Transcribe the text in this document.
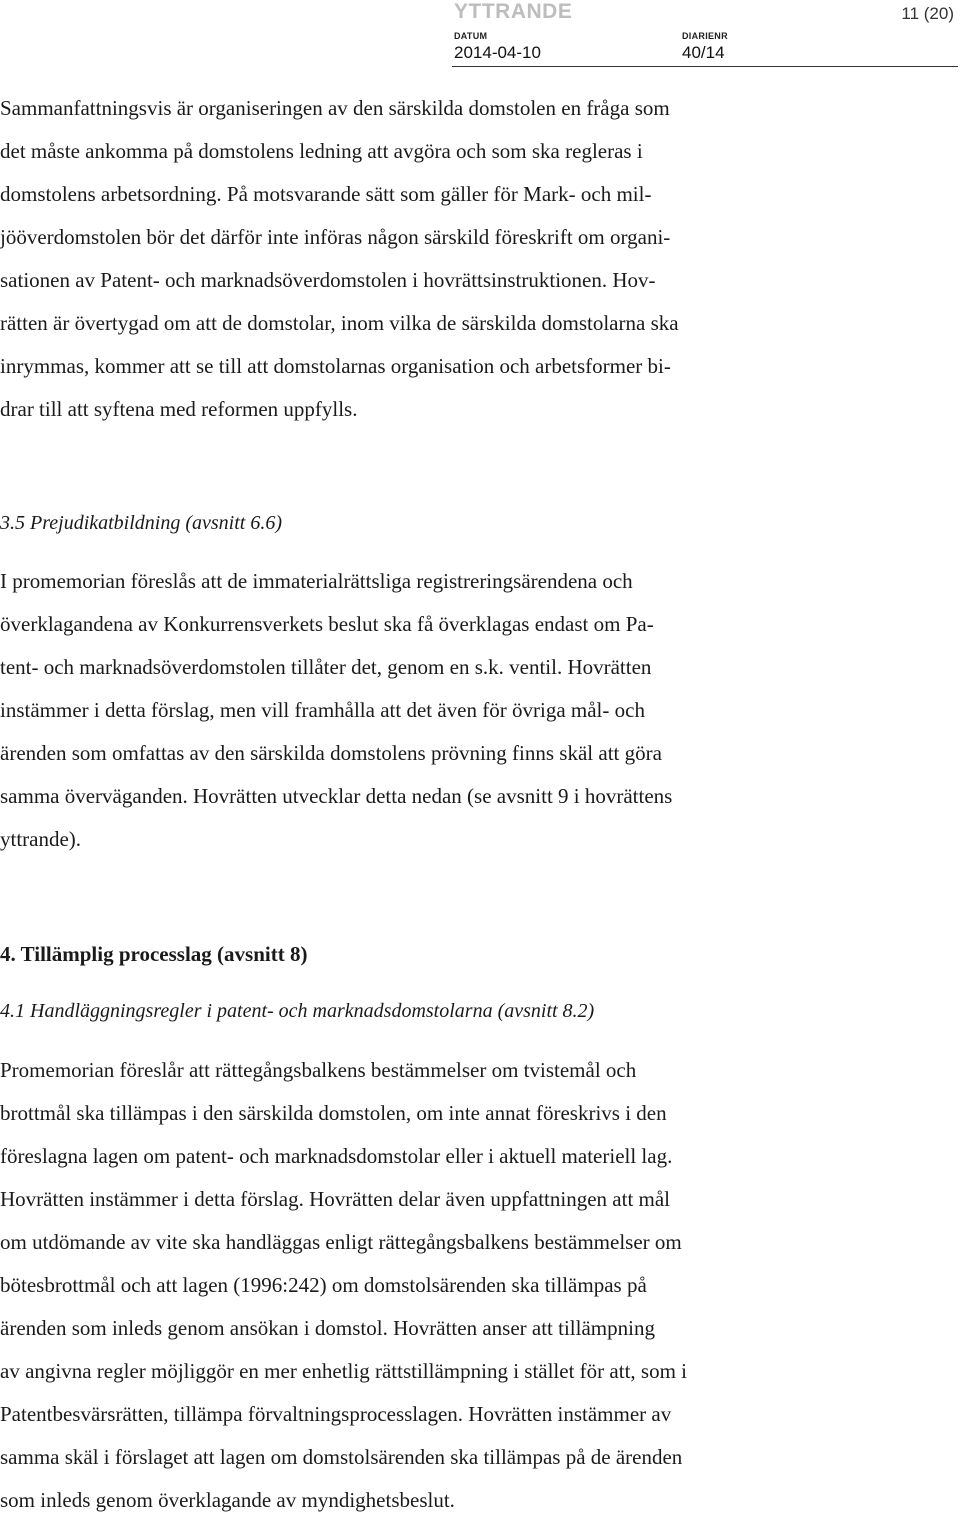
YTTRANDE	11 (20)
DATUM
2014-04-10
DIARIENR
40/14
Sammanfattningsvis är organiseringen av den särskilda domstolen en fråga som
det måste ankomma på domstolens ledning att avgöra och som ska regleras i
domstolens arbetsordning. På motsvarande sätt som gäller för Mark- och mil-
jööverdomstolen bör det därför inte införas någon särskild föreskrift om organi-
sationen av Patent- och marknadsöverdomstolen i hovrättsinstruktionen. Hov-
rätten är övertygad om att de domstolar, inom vilka de särskilda domstolarna ska
inrymmas, kommer att se till att domstolarnas organisation och arbetsformer bi-
drar till att syftena med reformen uppfylls.
3.5 Prejudikatbildning (avsnitt 6.6)
I promemorian föreslås att de immaterialrättsliga registreringsärendena och
överklagandena av Konkurrensverkets beslut ska få överklagas endast om Pa-
tent- och marknadsöverdomstolen tillåter det, genom en s.k. ventil. Hovrätten
instämmer i detta förslag, men vill framhålla att det även för övriga mål- och
ärenden som omfattas av den särskilda domstolens prövning finns skäl att göra
samma överväganden. Hovrätten utvecklar detta nedan (se avsnitt 9 i hovrättens
yttrande).
4. Tillämplig processlag (avsnitt 8)
4.1 Handläggningsregler i patent- och marknadsdomstolarna (avsnitt 8.2)
Promemorian föreslår att rättegångsbalkens bestämmelser om tvistemål och
brottmål ska tillämpas i den särskilda domstolen, om inte annat föreskrivs i den
föreslagna lagen om patent- och marknadsdomstolar eller i aktuell materiell lag.
Hovrätten instämmer i detta förslag. Hovrätten delar även uppfattningen att mål
om utdömande av vite ska handläggas enligt rättegångsbalkens bestämmelser om
bötesbrottmål och att lagen (1996:242) om domstolsärenden ska tillämpas på
ärenden som inleds genom ansökan i domstol. Hovrätten anser att tillämpning
av angivna regler möjliggör en mer enhetlig rättstillämpning i stället för att, som i
Patentbesvärsrätten, tillämpa förvaltningsprocesslagen. Hovrätten instämmer av
samma skäl i förslaget att lagen om domstolsärenden ska tillämpas på de ärenden
som inleds genom överklagande av myndighetsbeslut.
